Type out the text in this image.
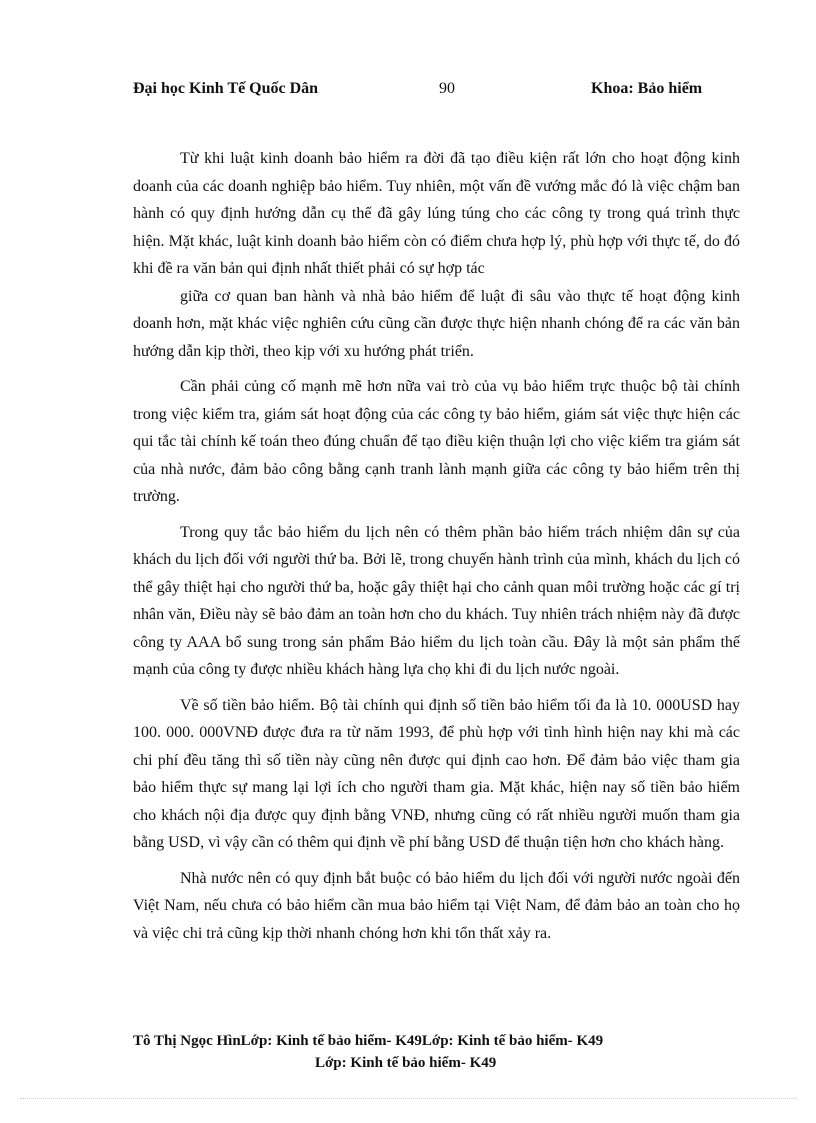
Đại học Kinh Tế Quốc Dân	90	Khoa: Bảo hiểm

Từ khi luật kinh doanh bảo hiểm ra đời đã tạo điều kiện rất lớn cho hoạt động kinh doanh của các doanh nghiệp bảo hiểm. Tuy nhiên, một vấn đề vướng mắc đó là việc chậm ban hành có quy định hướng dẫn cụ thể đã gây lúng túng cho các công ty trong quá trình thực hiện. Mặt khác, luật kinh doanh bảo hiểm còn có điểm chưa hợp lý, phù hợp với thực tế, do đó khi đề ra văn bản qui định nhất thiết phải có sự hợp tác

giữa cơ quan ban hành và nhà bảo hiểm để luật đi sâu vào thực tế hoạt động kinh doanh hơn, mặt khác việc nghiên cứu cũng cần được thực hiện nhanh chóng để ra các văn bản hướng dẫn kịp thời, theo kịp với xu hướng phát triển.

Cần phải củng cố mạnh mẽ hơn nữa vai trò của vụ bảo hiểm trực thuộc bộ tài chính trong việc kiểm tra, giám sát hoạt động của các công ty bảo hiểm, giám sát việc thực hiện các qui tắc tài chính kế toán theo đúng chuẩn để tạo điều kiện thuận lợi cho việc kiểm tra giám sát của nhà nước, đảm bảo công bằng cạnh tranh lành mạnh giữa các công ty bảo hiểm trên thị trường.

Trong quy tắc bảo hiểm du lịch nên có thêm phần bảo hiểm trách nhiệm dân sự của khách du lịch đối với người thứ ba. Bởi lẽ, trong chuyến hành trình của mình, khách du lịch có thể gây thiệt hại cho người thứ ba, hoặc gây thiệt hại cho cảnh quan môi trường hoặc các gí trị nhân văn, Điều này sẽ bảo đảm an toàn hơn cho du khách. Tuy nhiên trách nhiệm này đã được công ty AAA bổ sung trong sản phẩm Bảo hiểm du lịch toàn cầu. Đây là một sản phẩm thế mạnh của công ty được nhiều khách hàng lựa chọ khi đi du lịch nước ngoài.

Về số tiền bảo hiểm. Bộ tài chính qui định số tiền bảo hiểm tối đa là 10. 000USD hay 100. 000. 000VNĐ được đưa ra từ năm 1993, để phù hợp với tình hình hiện nay khi mà các chi phí đều tăng thì số tiền này cũng nên được qui định cao hơn. Để đảm bảo việc tham gia bảo hiểm thực sự mang lại lợi ích cho người tham gia. Mặt khác, hiện nay số tiền bảo hiểm cho khách nội địa được quy định bằng VNĐ, nhưng cũng có rất nhiều người muốn tham gia bằng USD, vì vậy cần có thêm qui định về phí bằng USD để thuận tiện hơn cho khách hàng.

Nhà nước nên có quy định bắt buộc có bảo hiểm du lịch đối với người nước ngoài đến Việt Nam, nếu chưa có bảo hiểm cần mua bảo hiểm tại Việt Nam, để đảm bảo an toàn cho họ và việc chi trả cũng kịp thời nhanh chóng hơn khi tổn thất xảy ra.

Tô Thị Ngọc HìnLớp: Kinh tế bảo hiểm- K49Lớp: Kinh tế bảo hiểm- K49
Lớp: Kinh tế bảo hiểm- K49
